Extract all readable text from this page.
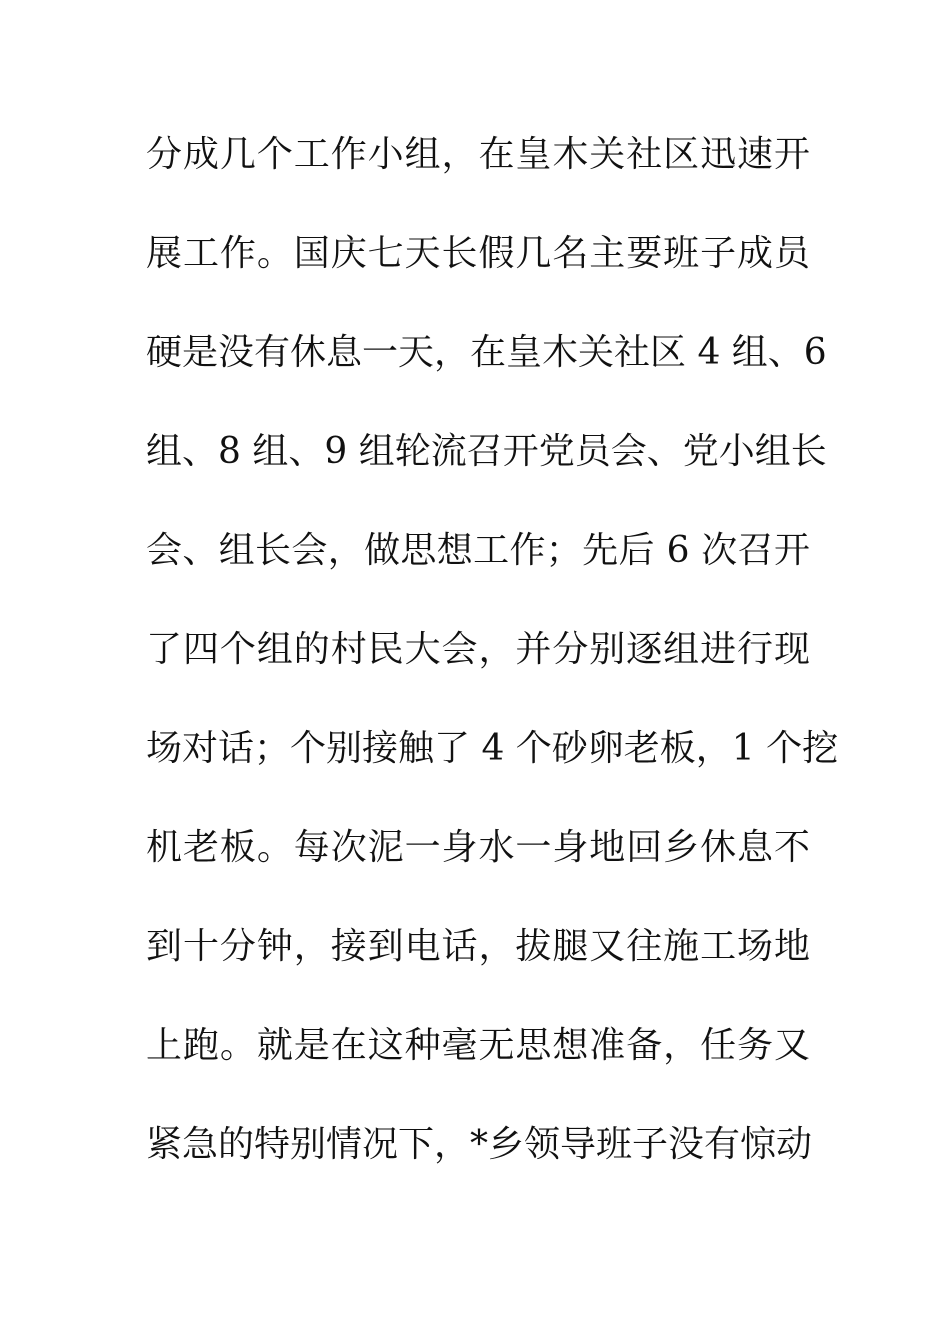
分成几个工作小组，在皇木关社区迅速开
展工作。国庆七天长假几名主要班子成员
硬是没有休息一天，在皇木关社区 4 组、6
组、8 组、9 组轮流召开党员会、党小组长
会、组长会，做思想工作；先后 6 次召开
了四个组的村民大会，并分别逐组进行现
场对话；个别接触了 4 个砂卵老板，1 个挖
机老板。每次泥一身水一身地回乡休息不
到十分钟，接到电话，拔腿又往施工场地
上跑。就是在这种毫无思想准备，任务又
紧急的特别情况下，*乡领导班子没有惊动
